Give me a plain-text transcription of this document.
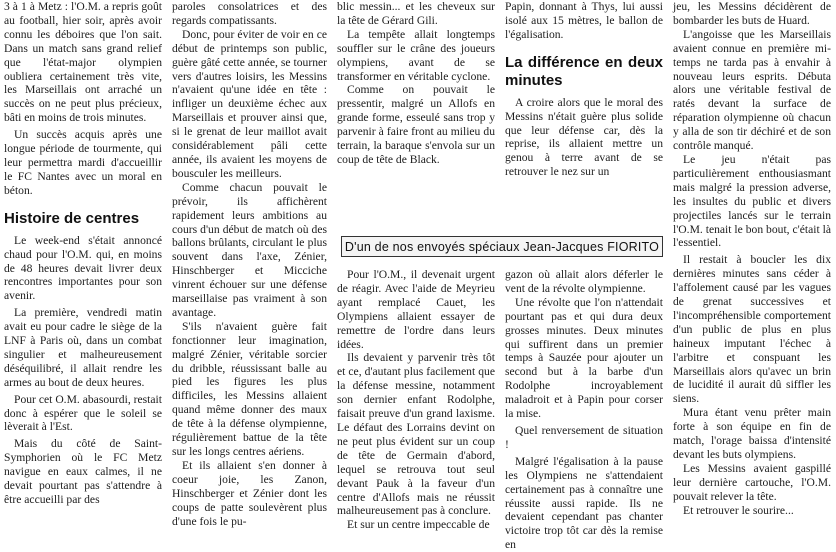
3 à 1 à Metz : l'O.M. a repris goût au football, hier soir, après avoir connu les déboires que l'on sait. Dans un match sans grand relief que l'état-major olympien oubliera certainement très vite, les Marseillais ont arraché un succès on ne peut plus précieux, bâti en moins de trois minutes.

Un succès acquis après une longue période de tourmente, qui leur permettra mardi d'accueillir le FC Nantes avec un moral en béton.

Histoire de centres

Le week-end s'était annoncé chaud pour l'O.M. qui, en moins de 48 heures devait livrer deux rencontres importantes pour son avenir.

La première, vendredi matin avait eu pour cadre le siège de la LNF à Paris où, dans un combat singulier et malheureusement déséquilibré, il allait rendre les armes au bout de deux heures.

Pour cet O.M. abasourdi, restait donc à espérer que le soleil se lèverait à l'Est.

Mais du côté de Saint-Symphorien où le FC Metz navigue en eaux calmes, il ne devait pourtant pas s'attendre à être accueilli par des

paroles consolatrices et des regards compatissants.

Donc, pour éviter de voir en ce début de printemps son public, guère gâté cette année, se tourner vers d'autres loisirs, les Messins n'avaient qu'une idée en tête : infliger un deuxième échec aux Marseillais et prouver ainsi que, si le grenat de leur maillot avait considérablement pâli cette année, ils avaient les moyens de bousculer les meilleurs.

Comme chacun pouvait le prévoir, ils affichèrent rapidement leurs ambitions au cours d'un début de match où des ballons brûlants, circulant le plus souvent dans l'axe, Zénier, Hinschberger et Micciche vinrent échouer sur une défense marseillaise pas vraiment à son avantage.

S'ils n'avaient guère fait fonctionner leur imagination, malgré Zénier, véritable sorcier du dribble, réussissant balle au pied les figures les plus difficiles, les Messins allaient quand même donner des maux de tête à la défense olympienne, régulièrement battue de la tête sur les longs centres aériens.

Et ils allaient s'en donner à coeur joie, les Zanon, Hinschberger et Zénier dont les coups de patte soulevèrent plus d'une fois le pu-

blic messin... et les cheveux sur la tête de Gérard Gili.

La tempête allait longtemps souffler sur le crâne des joueurs olympiens, avant de se transformer en véritable cyclone.

Comme on pouvait le pressentir, malgré un Allofs en grande forme, esseulé sans trop y parvenir à faire front au milieu du terrain, la baraque s'envola sur un coup de tête de Black.

Papin, donnant à Thys, lui aussi isolé aux 15 mètres, le ballon de l'égalisation.

La différence en deux minutes

A croire alors que le moral des Messins n'était guère plus solide que leur défense car, dès la reprise, ils allaient mettre un genou à terre avant de se retrouver le nez sur un

D'un de nos envoyés spéciaux Jean-Jacques FIORITO

Pour l'O.M., il devenait urgent de réagir. Avec l'aide de Meyrieu ayant remplacé Cauet, les Olympiens allaient essayer de remettre de l'ordre dans leurs idées.

Ils devaient y parvenir très tôt et ce, d'autant plus facilement que la défense messine, notamment son dernier enfant Rodolphe, faisait preuve d'un grand laxisme. Le défaut des Lorrains devint on ne peut plus évident sur un coup de tête de Germain d'abord, lequel se retrouva tout seul devant Pauk à la faveur d'un centre d'Allofs mais ne réussit malheureusement pas à conclure.

Et sur un centre impeccable de

gazon où allait alors déferler le vent de la révolte olympienne.

Une révolte que l'on n'attendait pourtant pas et qui dura deux grosses minutes. Deux minutes qui suffirent dans un premier temps à Sauzée pour ajouter un second but à la barbe d'un Rodolphe incroyablement maladroit et à Papin pour corser la mise.

Quel renversement de situation !

Malgré l'égalisation à la pause les Olympiens ne s'attendaient certainement pas à connaître une réussite aussi rapide. Ils ne devaient cependant pas chanter victoire trop tôt car dès la remise en

jeu, les Messins décidèrent de bombarder les buts de Huard.

L'angoisse que les Marseillais avaient connue en première mi-temps ne tarda pas à envahir à nouveau leurs esprits. Débuta alors une véritable festival de ratés devant la surface de réparation olympienne où chacun y alla de son tir déchiré et de son contrôle manqué.

Le jeu n'était pas particulièrement enthousiasmant mais malgré la pression adverse, les insultes du public et divers projectiles lancés sur le terrain l'O.M. tenait le bon bout, c'était là l'essentiel.

Il restait à boucler les dix dernières minutes sans céder à l'affolement causé par les vagues de grenat successives et l'incompréhensible comportement d'un public de plus en plus haineux imputant l'échec à l'arbitre et conspuant les Marseillais alors qu'avec un brin de lucidité il aurait dû siffler les siens.

Mura étant venu prêter main forte à son équipe en fin de match, l'orage baissa d'intensité devant les buts olympiens.

Les Messins avaient gaspillé leur dernière cartouche, l'O.M. pouvait relever la tête.

Et retrouver le sourire...
